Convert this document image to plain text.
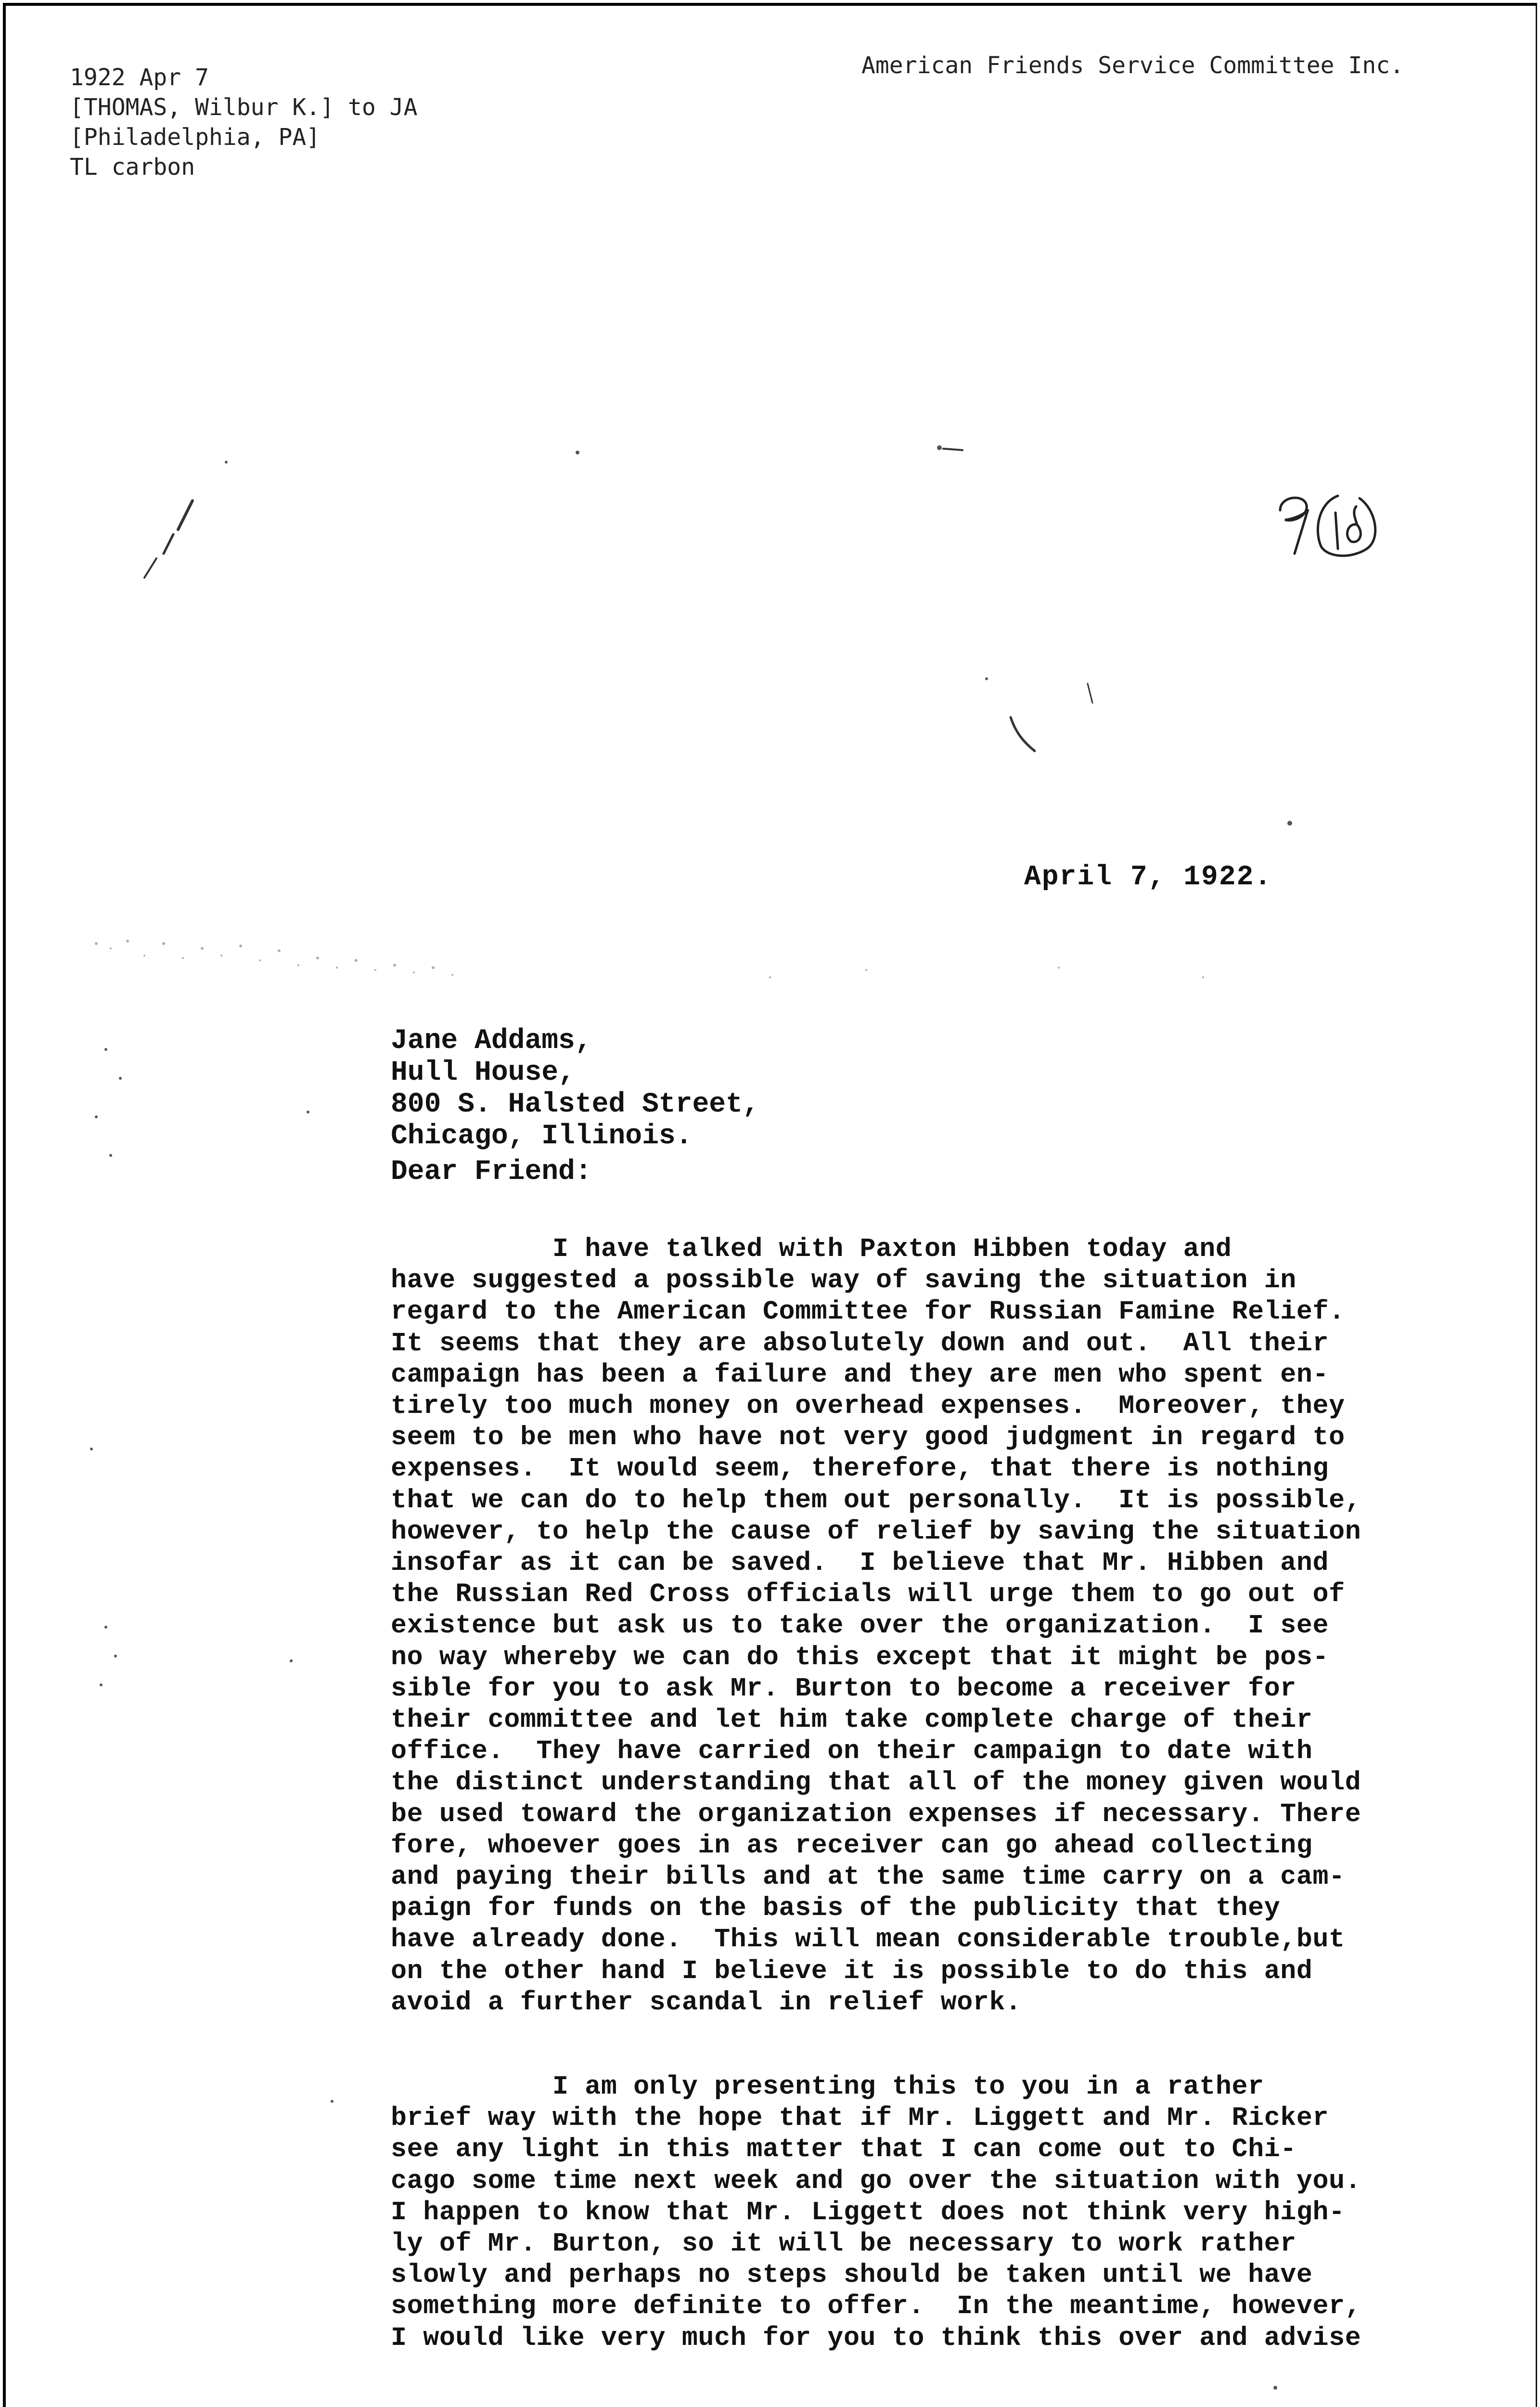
1922 Apr 7
[THOMAS, Wilbur K.] to JA
[Philadelphia, PA]
TL carbon
American Friends Service Committee Inc.
April 7, 1922.
Jane Addams,
Hull House,
800 S. Halsted Street,
Chicago, Illinois.
Dear Friend:
I have talked with Paxton Hibben today and
have suggested a possible way of saving the situation in
regard to the American Committee for Russian Famine Relief.
It seems that they are absolutely down and out.  All their
campaign has been a failure and they are men who spent en-
tirely too much money on overhead expenses.  Moreover, they
seem to be men who have not very good judgment in regard to
expenses.  It would seem, therefore, that there is nothing
that we can do to help them out personally.  It is possible,
however, to help the cause of relief by saving the situation
insofar as it can be saved.  I believe that Mr. Hibben and
the Russian Red Cross officials will urge them to go out of
existence but ask us to take over the organization.  I see
no way whereby we can do this except that it might be pos-
sible for you to ask Mr. Burton to become a receiver for
their committee and let him take complete charge of their
office.  They have carried on their campaign to date with
the distinct understanding that all of the money given would
be used toward the organization expenses if necessary. There
fore, whoever goes in as receiver can go ahead collecting
and paying their bills and at the same time carry on a cam-
paign for funds on the basis of the publicity that they
have already done.  This will mean considerable trouble,but
on the other hand I believe it is possible to do this and
avoid a further scandal in relief work.
I am only presenting this to you in a rather
brief way with the hope that if Mr. Liggett and Mr. Ricker
see any light in this matter that I can come out to Chi-
cago some time next week and go over the situation with you.
I happen to know that Mr. Liggett does not think very high-
ly of Mr. Burton, so it will be necessary to work rather
slowly and perhaps no steps should be taken until we have
something more definite to offer.  In the meantime, however,
I would like very much for you to think this over and advise
